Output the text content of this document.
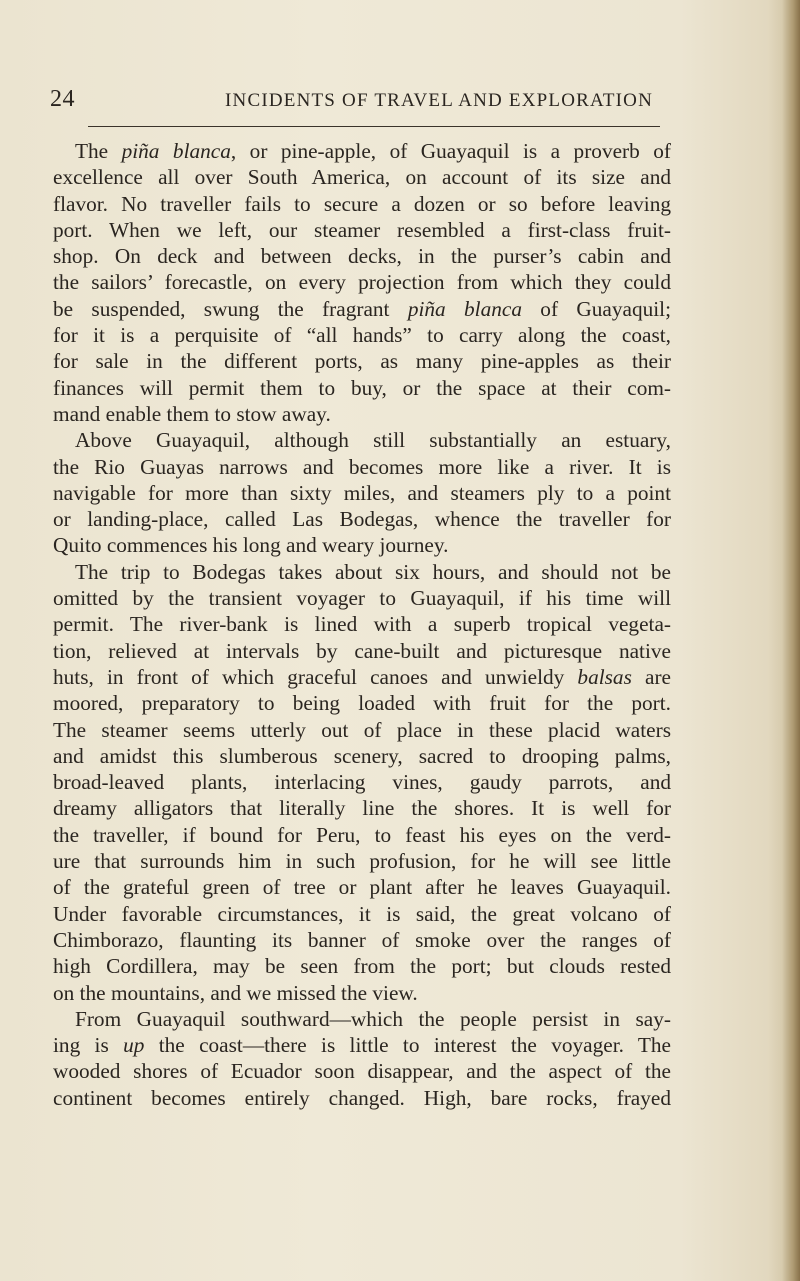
24	INCIDENTS OF TRAVEL AND EXPLORATION
The piña blanca, or pine-apple, of Guayaquil is a proverb of
excellence all over South America, on account of its size and
flavor. No traveller fails to secure a dozen or so before leaving
port. When we left, our steamer resembled a first-class fruit-
shop. On deck and between decks, in the purser’s cabin and
the sailors’ forecastle, on every projection from which they could
be suspended, swung the fragrant piña blanca of Guayaquil;
for it is a perquisite of “all hands” to carry along the coast,
for sale in the different ports, as many pine-apples as their
finances will permit them to buy, or the space at their com-
mand enable them to stow away.
Above Guayaquil, although still substantially an estuary,
the Rio Guayas narrows and becomes more like a river. It is
navigable for more than sixty miles, and steamers ply to a point
or landing-place, called Las Bodegas, whence the traveller for
Quito commences his long and weary journey.
The trip to Bodegas takes about six hours, and should not be
omitted by the transient voyager to Guayaquil, if his time will
permit. The river-bank is lined with a superb tropical vegeta-
tion, relieved at intervals by cane-built and picturesque native
huts, in front of which graceful canoes and unwieldy balsas are
moored, preparatory to being loaded with fruit for the port.
The steamer seems utterly out of place in these placid waters
and amidst this slumberous scenery, sacred to drooping palms,
broad-leaved plants, interlacing vines, gaudy parrots, and
dreamy alligators that literally line the shores. It is well for
the traveller, if bound for Peru, to feast his eyes on the verd-
ure that surrounds him in such profusion, for he will see little
of the grateful green of tree or plant after he leaves Guayaquil.
Under favorable circumstances, it is said, the great volcano of
Chimborazo, flaunting its banner of smoke over the ranges of
high Cordillera, may be seen from the port; but clouds rested
on the mountains, and we missed the view.
From Guayaquil southward—which the people persist in say-
ing is up the coast—there is little to interest the voyager. The
wooded shores of Ecuador soon disappear, and the aspect of the
continent becomes entirely changed. High, bare rocks, frayed
